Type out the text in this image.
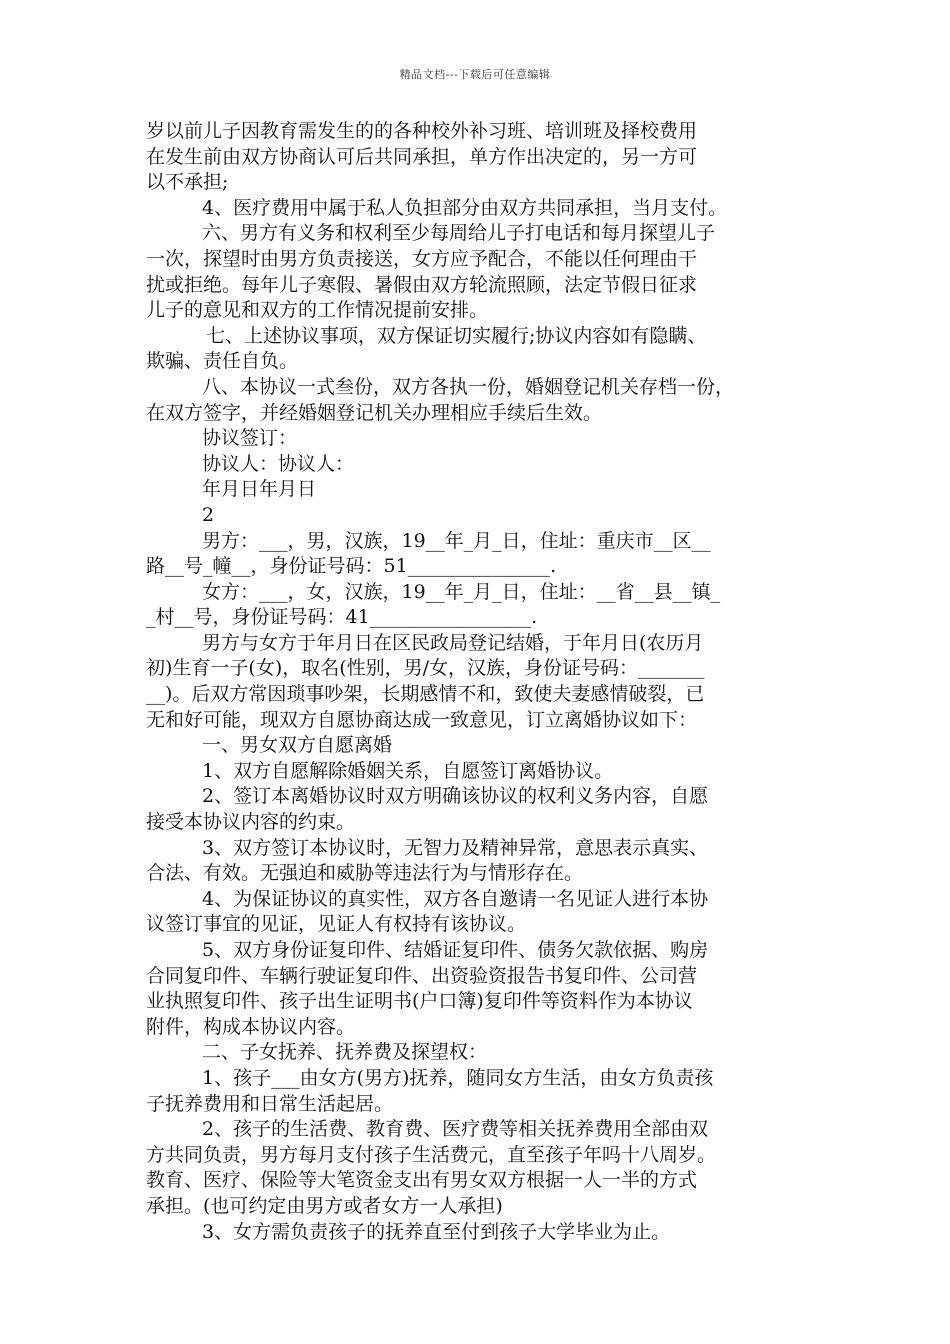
精品文档---下载后可任意编辑
岁以前儿子因教育需发生的的各种校外补习班、培训班及择校费用
在发生前由双方协商认可后共同承担，单方作出决定的，另一方可
以不承担;
4、医疗费用中属于私人负担部分由双方共同承担，当月支付。
六、男方有义务和权利至少每周给儿子打电话和每月探望儿子
一次，探望时由男方负责接送，女方应予配合，不能以任何理由干
扰或拒绝。每年儿子寒假、暑假由双方轮流照顾，法定节假日征求
儿子的意见和双方的工作情况提前安排。
七、上述协议事项，双方保证切实履行;协议内容如有隐瞒、
欺骗、责任自负。
八、本协议一式叁份，双方各执一份，婚姻登记机关存档一份，
在双方签字，并经婚姻登记机关办理相应手续后生效。
协议签订：
协议人：协议人：
年月日年月日
2
男方：___，男，汉族，19__年_月_日，住址：重庆市__区__
路__号_幢__，身份证号码：51_______________.
女方：___，女，汉族，19__年_月_日，住址：__省__县__镇_
_村__号，身份证号码：41_________________.
男方与女方于年月日在区民政局登记结婚，于年月日(农历月
初)生育一子(女)，取名(性别，男/女，汉族，身份证号码：_______
__)。后双方常因琐事吵架，长期感情不和，致使夫妻感情破裂，已
无和好可能，现双方自愿协商达成一致意见，订立离婚协议如下：
一、男女双方自愿离婚
1、双方自愿解除婚姻关系，自愿签订离婚协议。
2、签订本离婚协议时双方明确该协议的权利义务内容，自愿
接受本协议内容的约束。
3、双方签订本协议时，无智力及精神异常，意思表示真实、
合法、有效。无强迫和威胁等违法行为与情形存在。
4、为保证协议的真实性，双方各自邀请一名见证人进行本协
议签订事宜的见证，见证人有权持有该协议。
5、双方身份证复印件、结婚证复印件、债务欠款依据、购房
合同复印件、车辆行驶证复印件、出资验资报告书复印件、公司营
业执照复印件、孩子出生证明书(户口簿)复印件等资料作为本协议
附件，构成本协议内容。
二、子女抚养、抚养费及探望权：
1、孩子___由女方(男方)抚养，随同女方生活，由女方负责孩
子抚养费用和日常生活起居。
2、孩子的生活费、教育费、医疗费等相关抚养费用全部由双
方共同负责，男方每月支付孩子生活费元，直至孩子年吗十八周岁。
教育、医疗、保险等大笔资金支出有男女双方根据一人一半的方式
承担。(也可约定由男方或者女方一人承担)
3、女方需负责孩子的抚养直至付到孩子大学毕业为止。
